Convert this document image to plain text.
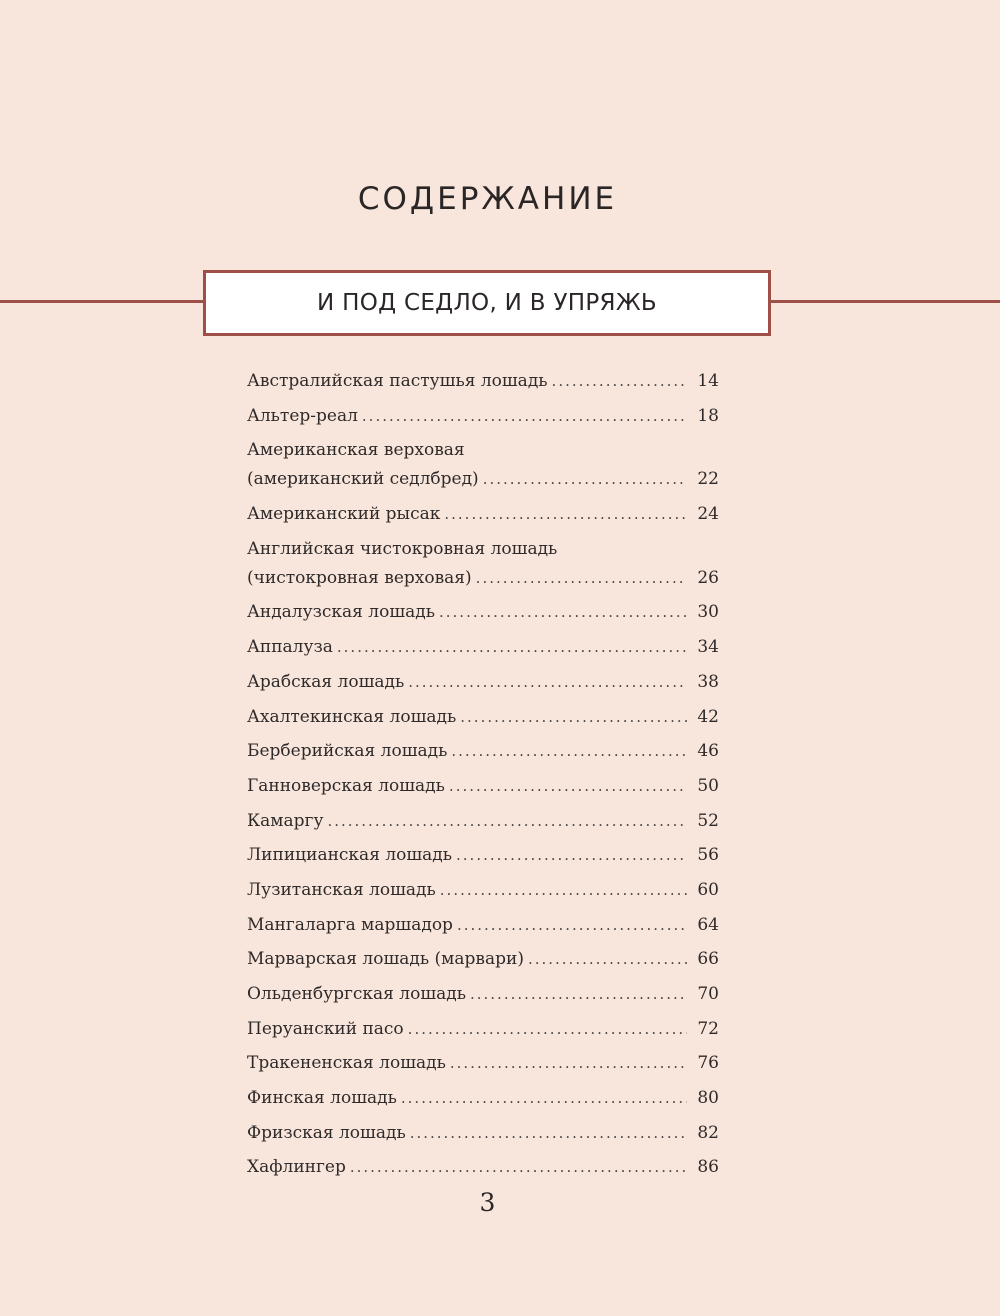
СОДЕРЖАНИЕ
И ПОД СЕДЛО, И В УПРЯЖЬ
Австралийская пастушья лошадь .....	14
Альтер-реал .....	18
Американская верховая
(американский седлбред) .....	22
Американский рысак .....	24
Английская чистокровная лошадь
(чистокровная верховая) .....	26
Андалузская лошадь .....	30
Аппалуза .....	34
Арабская лошадь .....	38
Ахалтекинская лошадь .....	42
Берберийская лошадь .....	46
Ганноверская лошадь .....	50
Камаргу .....	52
Липицианская лошадь .....	56
Лузитанская лошадь .....	60
Мангаларга маршадор .....	64
Марварская лошадь (марвари) .....	66
Ольденбургская лошадь .....	70
Перуанский пасо .....	72
Тракененская лошадь .....	76
Финская лошадь .....	80
Фризская лошадь .....	82
Хафлингер .....	86
3
